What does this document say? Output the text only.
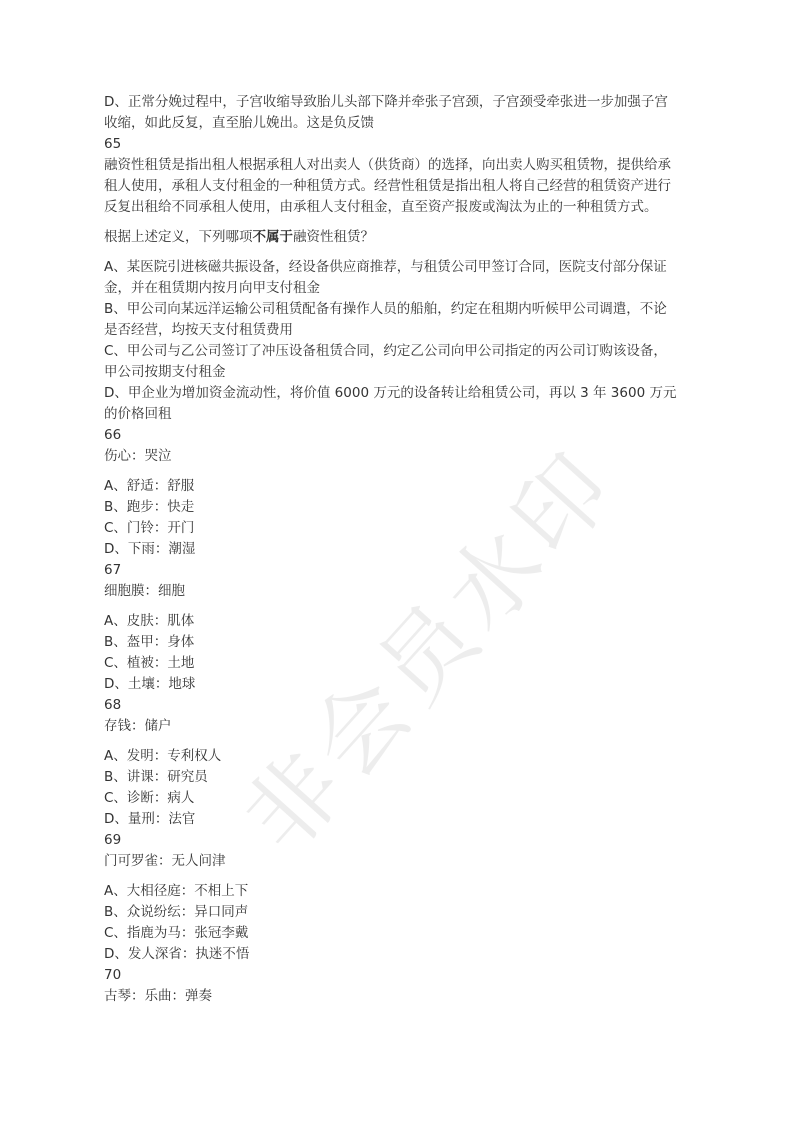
非会员水印
D、正常分娩过程中，子宫收缩导致胎儿头部下降并牵张子宫颈，子宫颈受牵张进一步加强子宫
收缩，如此反复，直至胎儿娩出。这是负反馈
65
融资性租赁是指出租人根据承租人对出卖人（供货商）的选择，向出卖人购买租赁物，提供给承
租人使用，承租人支付租金的一种租赁方式。经营性租赁是指出租人将自己经营的租赁资产进行
反复出租给不同承租人使用，由承租人支付租金，直至资产报废或淘汰为止的一种租赁方式。
根据上述定义，下列哪项不属于融资性租赁？
A、某医院引进核磁共振设备，经设备供应商推荐，与租赁公司甲签订合同，医院支付部分保证
金，并在租赁期内按月向甲支付租金
B、甲公司向某远洋运输公司租赁配备有操作人员的船舶，约定在租期内听候甲公司调遣，不论
是否经营，均按天支付租赁费用
C、甲公司与乙公司签订了冲压设备租赁合同，约定乙公司向甲公司指定的丙公司订购该设备，
甲公司按期支付租金
D、甲企业为增加资金流动性，将价值 6000 万元的设备转让给租赁公司，再以 3 年 3600 万元
的价格回租
66
伤心：哭泣
A、舒适：舒服
B、跑步：快走
C、门铃：开门
D、下雨：潮湿
67
细胞膜：细胞
A、皮肤：肌体
B、盔甲：身体
C、植被：土地
D、土壤：地球
68
存钱：储户
A、发明：专利权人
B、讲课：研究员
C、诊断：病人
D、量刑：法官
69
门可罗雀：无人问津
A、大相径庭：不相上下
B、众说纷纭：异口同声
C、指鹿为马：张冠李戴
D、发人深省：执迷不悟
70
古琴：乐曲：弹奏
